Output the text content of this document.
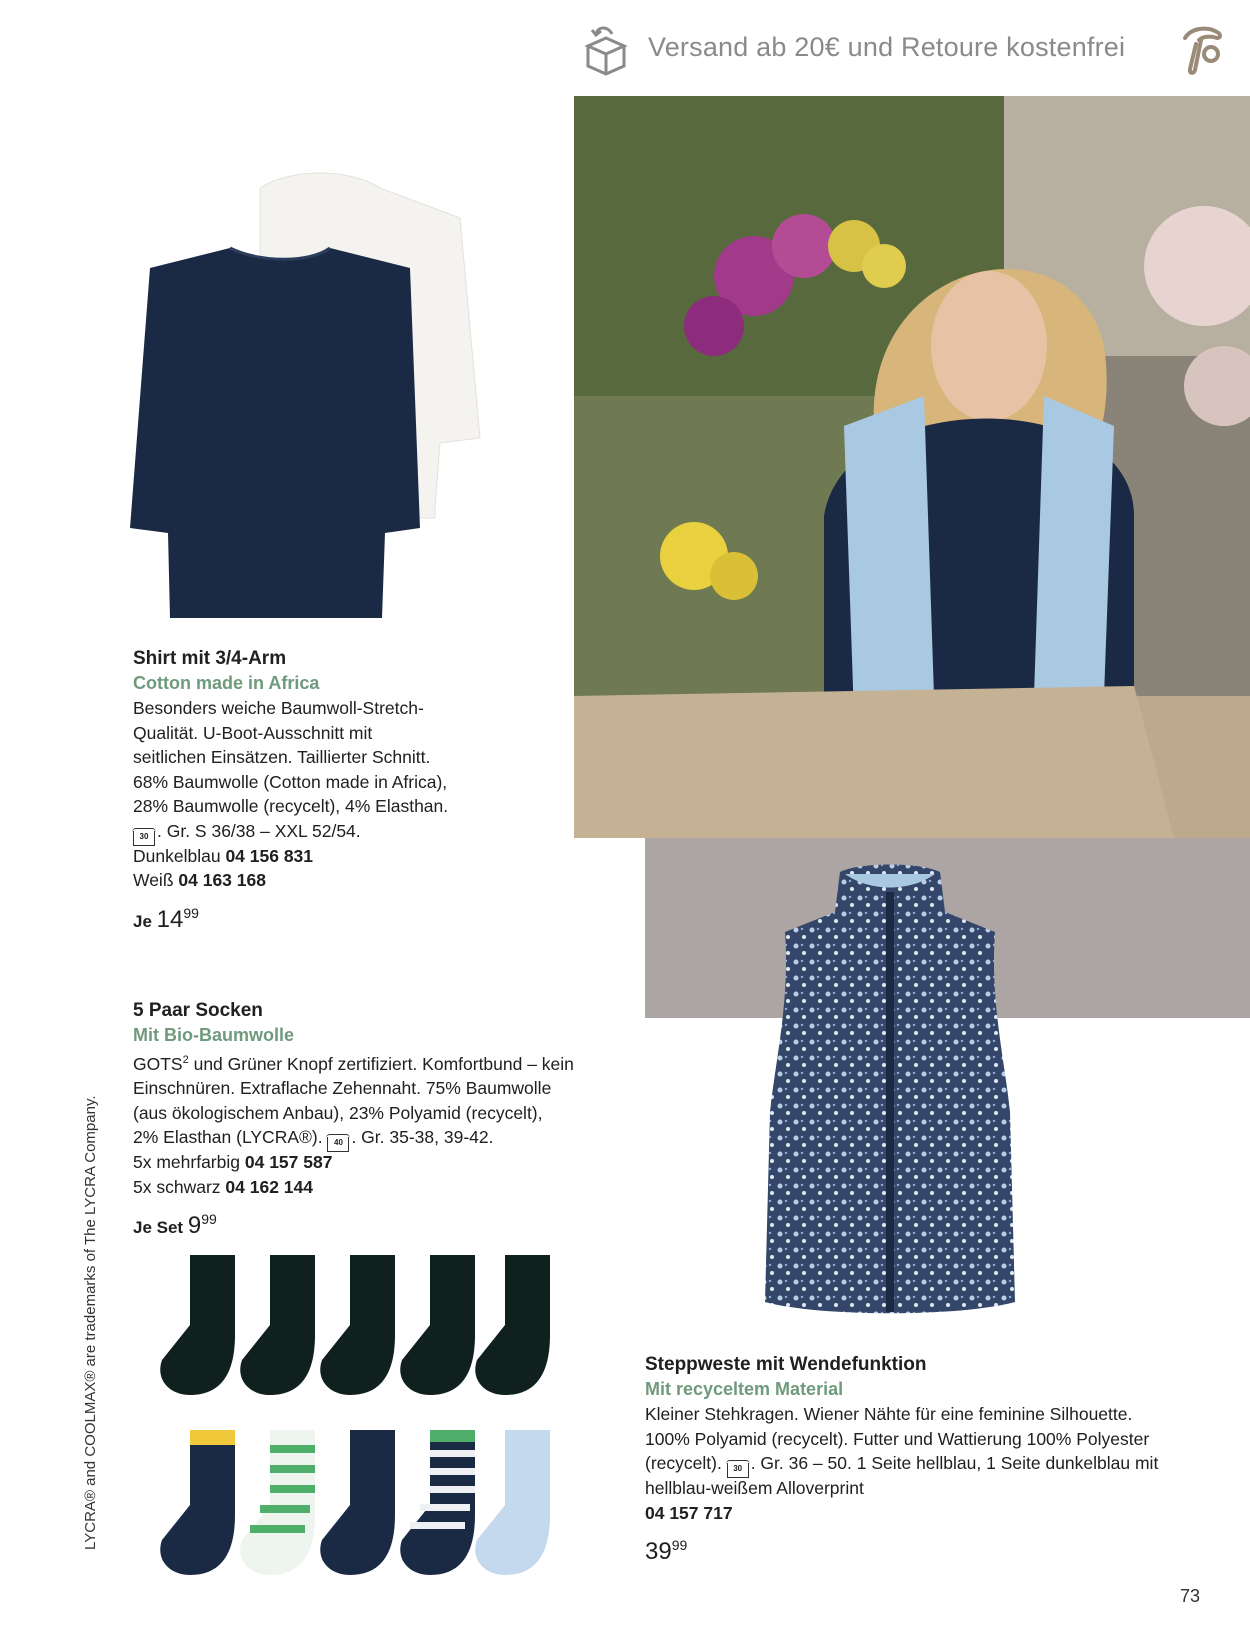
Versand ab 20€ und Retoure kostenfrei
Shirt mit 3/4-Arm
Cotton made in Africa
Besonders weiche Baumwoll-Stretch-
Qualität. U-Boot-Ausschnitt mit
seitlichen Einsätzen. Taillierter Schnitt.
68% Baumwolle (Cotton made in Africa),
28% Baumwolle (recycelt), 4% Elasthan.
30 . Gr. S 36/38 – XXL 52/54.
Dunkelblau 04 156 831
Weiß 04 163 168
Je $14^{99}$
5 Paar Socken
Mit Bio-Baumwolle
GOTS$^2$ und Grüner Knopf zertifiziert. Komfortbund – kein
Einschnüren. Extraflache Zehennaht. 75% Baumwolle
(aus ökologischem Anbau), 23% Polyamid (recycelt),
2% Elasthan (LYCRA®). 40 . Gr. 35-38, 39-42.
5x mehrfarbig 04 157 587
5x schwarz 04 162 144
Je Set $9^{99}$
Steppweste mit Wendefunktion
Mit recyceltem Material
Kleiner Stehkragen. Wiener Nähte für eine feminine Silhouette.
100% Polyamid (recycelt). Futter und Wattierung 100% Polyester
(recycelt). 30 . Gr. 36 – 50. 1 Seite hellblau, 1 Seite dunkelblau mit
hellblau-weißem Alloverprint
04 157 717
$39^{99}$
LYCRA® and COOLMAX® are trademarks of The LYCRA Company.
73
